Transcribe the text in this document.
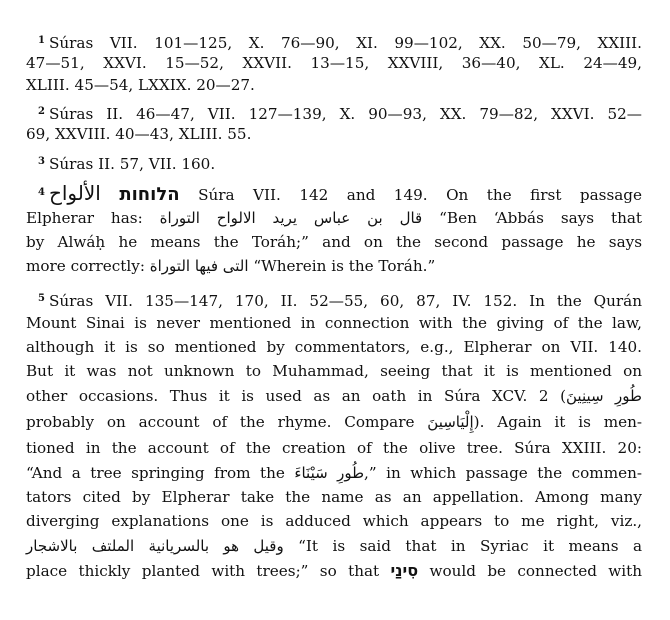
$^1$ Súras VII. 101—125, X. 76—90, XI. 99—102, XX. 50—79, XXIII.
47—51, XXVI. 15—52, XXVII. 13—15, XXVIII, 36—40, XL. 24—49,
XLIII. 45—54, LXXIX. 20—27.
$^2$ Súras II. 46—47, VII. 127—139, X. 90—93, XX. 79—82, XXVI. 52—
69, XXVIII. 40—43, XLIII. 55.
$^3$ Súras II. 57, VII. 160.
$^4$ الألواح הלוחות Súra VII. 142 and 149. On the first passage
Elpherar has: قال بن عباس يريد الالواح التوراة “Ben ‘Abbás says that
by Alwáḥ he means the Toráh;” and on the second passage he says
more correctly: التى فيها التوراة “Wherein is the Toráh.”
$^5$ Súras VII. 135—147, 170, II. 52—55, 60, 87, IV. 152. In the Qurán
Mount Sinai is never mentioned in connection with the giving of the law,
although it is so mentioned by commentators, e.g., Elpherar on VII. 140.
But it was not unknown to Muhammad, seeing that it is mentioned on
other occasions. Thus it is used as an oath in Súra XCV. 2 (طُورِ سِينِينَ
probably on account of the rhyme. Compare إِلْيَاسِينَ). Again it is men-
tioned in the account of the creation of the olive tree. Súra XXIII. 20:
“And a tree springing from the طُورِ سَيْنَاءَ,” in which passage the commen-
tators cited by Elpherar take the name as an appellation. Among many
diverging explanations one is adduced which appears to me right, viz.,
وقيل هو بالسريانية الملتف بالاشجار “It is said that in Syriac it means a
place thickly planted with trees;” so that סִינַי would be connected with
